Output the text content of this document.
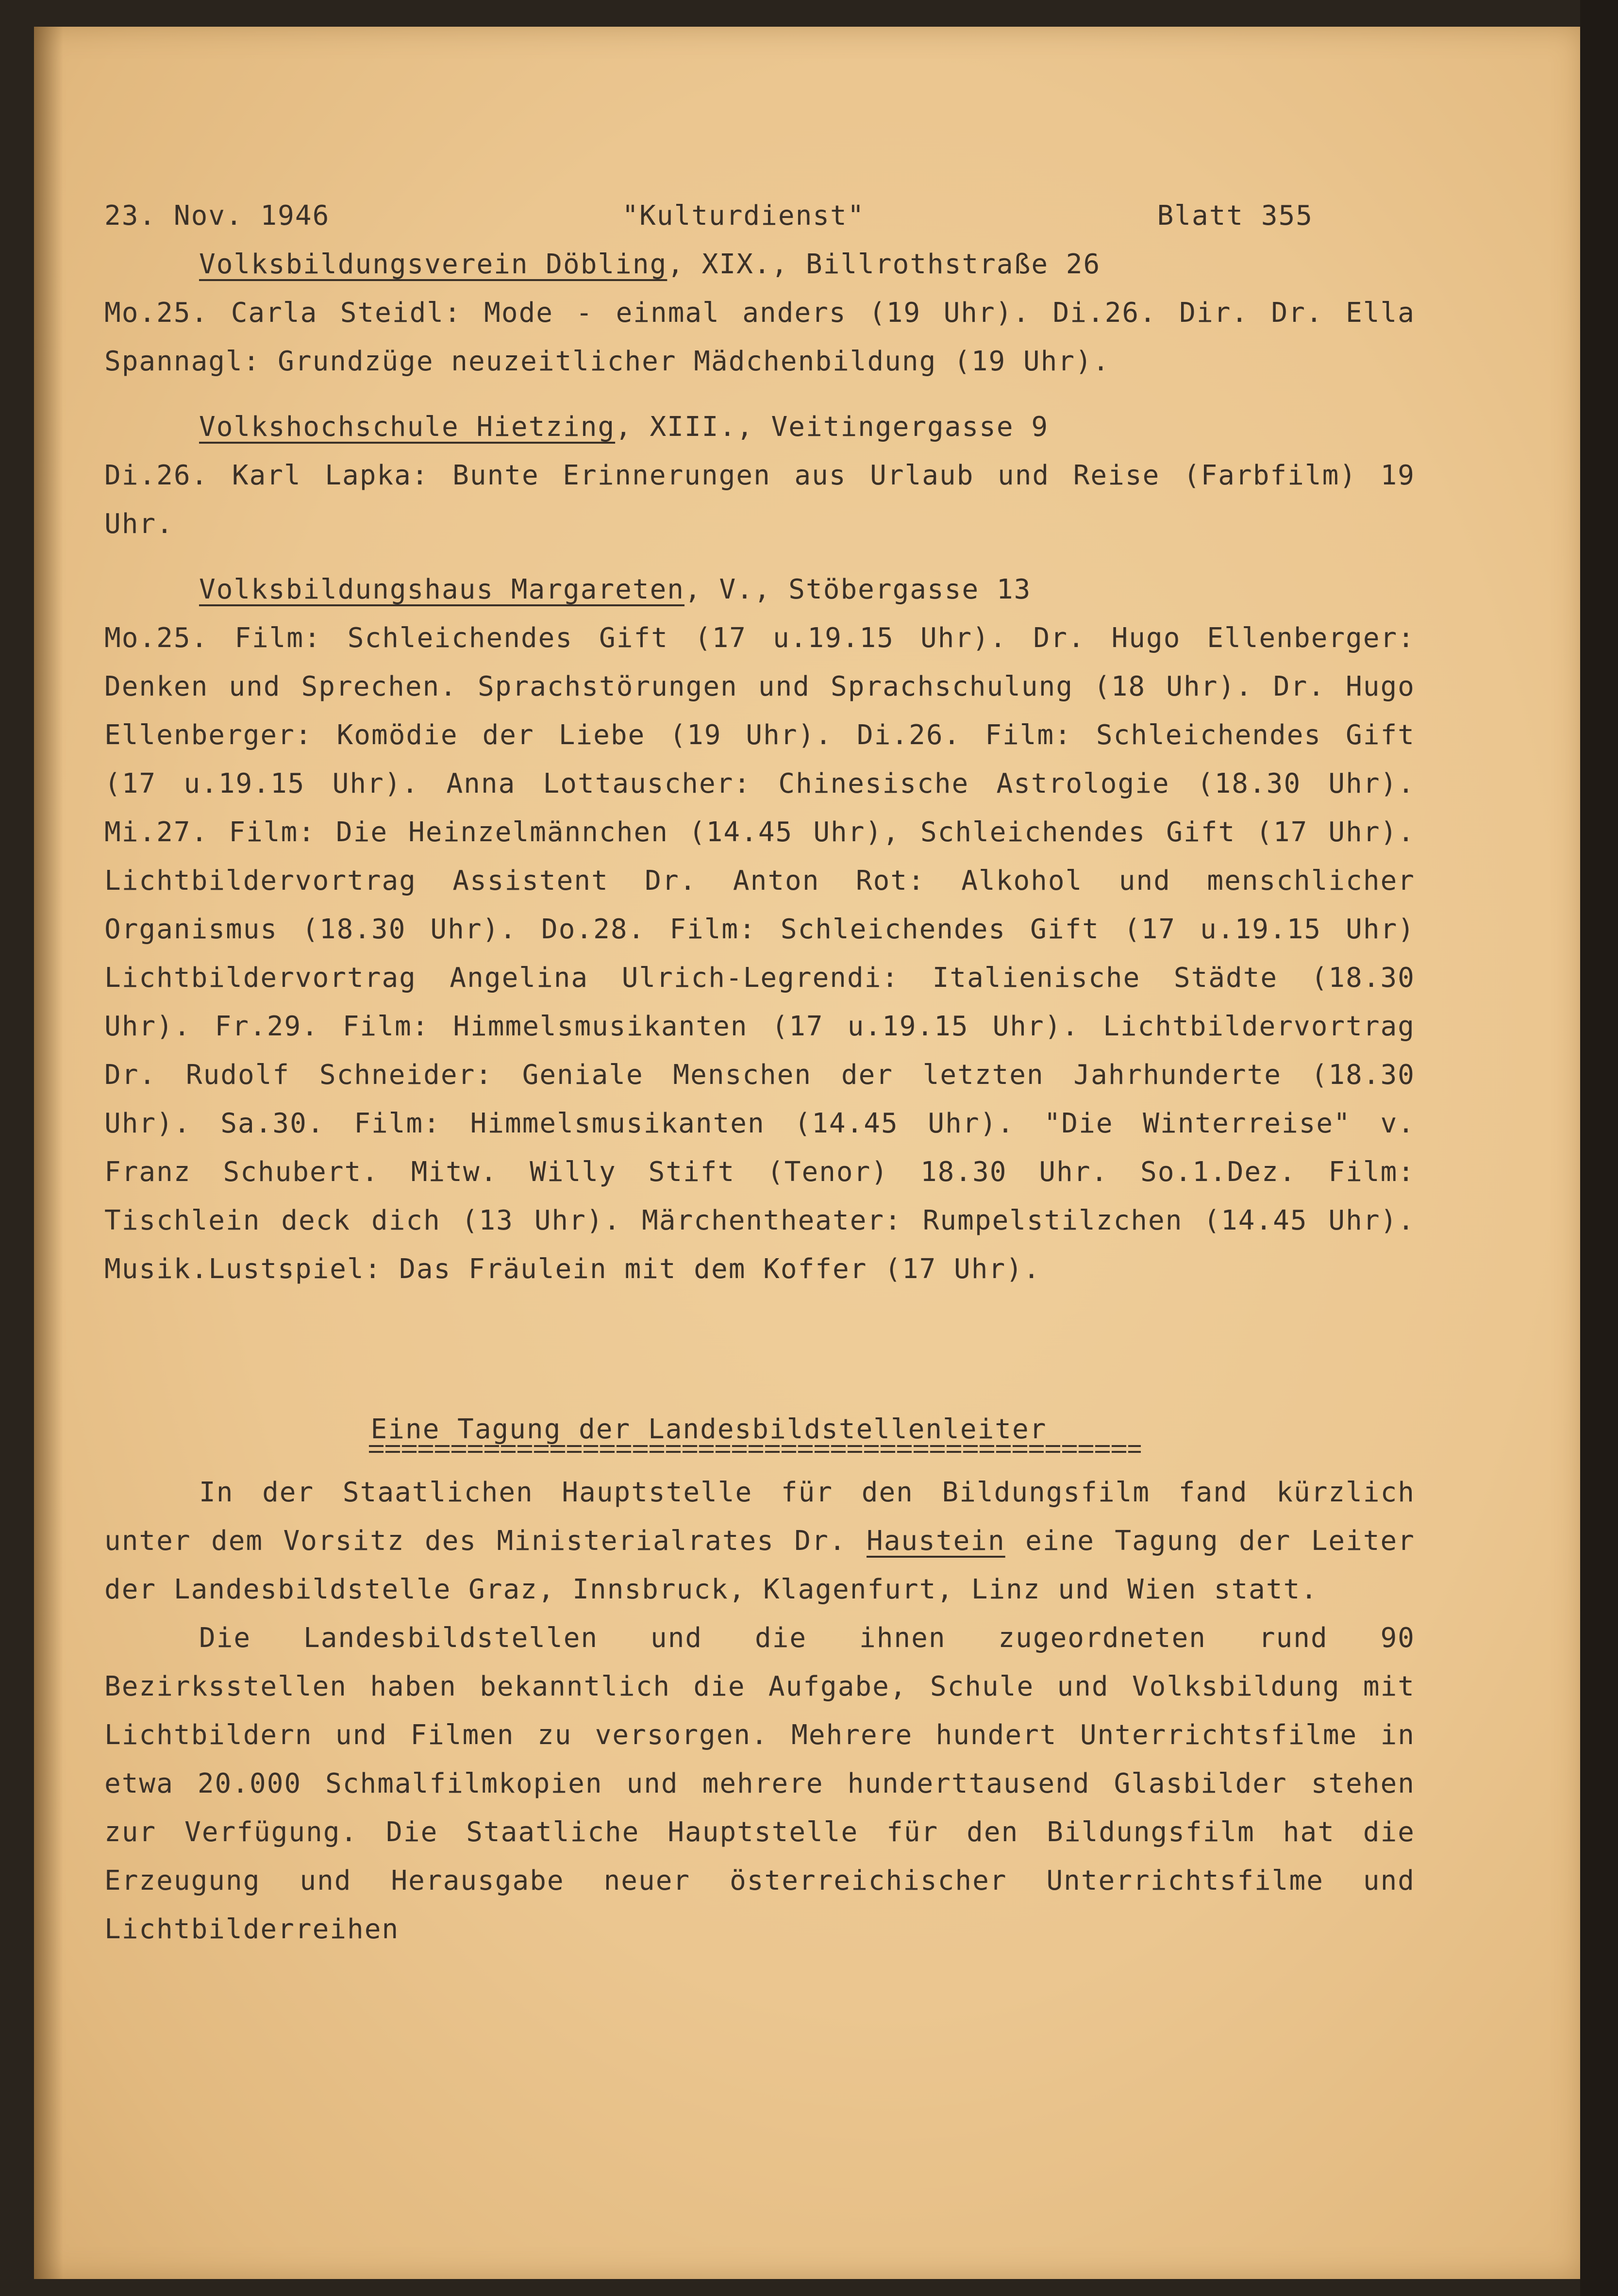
23. Nov. 1946	"Kulturdienst"	Blatt 355

Volksbildungsverein Döbling, XIX., Billrothstraße 26

Mo.25. Carla Steidl: Mode - einmal anders (19 Uhr). Di.26. Dir. Dr. Ella Spannagl: Grundzüge neuzeitlicher Mädchenbildung (19 Uhr).

Volkshochschule Hietzing, XIII., Veitingergasse 9

Di.26. Karl Lapka: Bunte Erinnerungen aus Urlaub und Reise (Farbfilm) 19 Uhr.

Volksbildungshaus Margareten, V., Stöbergasse 13

Mo.25. Film: Schleichendes Gift (17 u.19.15 Uhr). Dr. Hugo Ellenberger: Denken und Sprechen. Sprachstörungen und Sprachschulung (18 Uhr). Dr. Hugo Ellenberger: Komödie der Liebe (19 Uhr). Di.26. Film: Schleichendes Gift (17 u.19.15 Uhr). Anna Lottauscher: Chinesische Astrologie (18.30 Uhr). Mi.27. Film: Die Heinzelmännchen (14.45 Uhr), Schleichendes Gift (17 Uhr). Lichtbildervortrag Assistent Dr. Anton Rot: Alkohol und menschlicher Organismus (18.30 Uhr). Do.28. Film: Schleichendes Gift (17 u.19.15 Uhr) Lichtbildervortrag Angelina Ulrich-Legrendi: Italienische Städte (18.30 Uhr). Fr.29. Film: Himmelsmusikanten (17 u.19.15 Uhr). Lichtbildervortrag Dr. Rudolf Schneider: Geniale Menschen der letzten Jahrhunderte (18.30 Uhr). Sa.30. Film: Himmelsmusikanten (14.45 Uhr). "Die Winterreise" v. Franz Schubert. Mitw. Willy Stift (Tenor) 18.30 Uhr. So.1.Dez. Film: Tischlein deck dich (13 Uhr). Märchentheater: Rumpelstilzchen (14.45 Uhr). Musik.Lustspiel: Das Fräulein mit dem Koffer (17 Uhr).

Eine Tagung der Landesbildstellenleiter

In der Staatlichen Hauptstelle für den Bildungsfilm fand kürzlich unter dem Vorsitz des Ministerialrates Dr. Haustein eine Tagung der Leiter der Landesbildstelle Graz, Innsbruck, Klagenfurt, Linz und Wien statt.

Die Landesbildstellen und die ihnen zugeordneten rund 90 Bezirksstellen haben bekanntlich die Aufgabe, Schule und Volksbildung mit Lichtbildern und Filmen zu versorgen. Mehrere hundert Unterrichtsfilme in etwa 20.000 Schmalfilmkopien und mehrere hunderttausend Glasbilder stehen zur Verfügung. Die Staatliche Hauptstelle für den Bildungsfilm hat die Erzeugung und Herausgabe neuer österreichischer Unterrichtsfilme und Lichtbilderreihen
